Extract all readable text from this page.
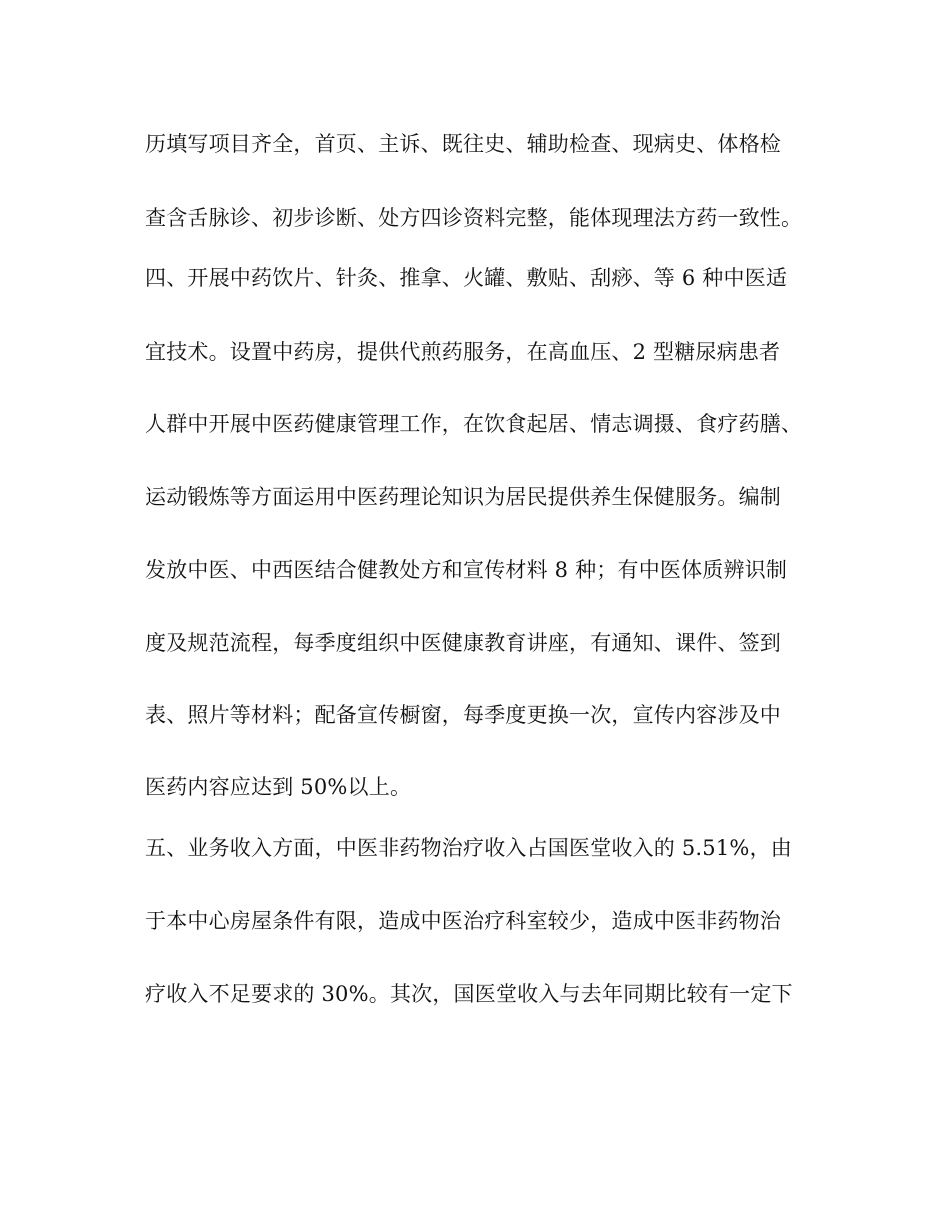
历填写项目齐全，首页、主诉、既往史、辅助检查、现病史、体格检
查含舌脉诊、初步诊断、处方四诊资料完整，能体现理法方药一致性。
四、开展中药饮片、针灸、推拿、火罐、敷贴、刮痧、等 6 种中医适
宜技术。设置中药房，提供代煎药服务，在高血压、2 型糖尿病患者
人群中开展中医药健康管理工作，在饮食起居、情志调摄、食疗药膳、
运动锻炼等方面运用中医药理论知识为居民提供养生保健服务。编制
发放中医、中西医结合健教处方和宣传材料 8 种；有中医体质辨识制
度及规范流程，每季度组织中医健康教育讲座，有通知、课件、签到
表、照片等材料；配备宣传橱窗，每季度更换一次，宣传内容涉及中
医药内容应达到 50%以上。
五、业务收入方面，中医非药物治疗收入占国医堂收入的 5.51%，由
于本中心房屋条件有限，造成中医治疗科室较少，造成中医非药物治
疗收入不足要求的 30%。其次，国医堂收入与去年同期比较有一定下
